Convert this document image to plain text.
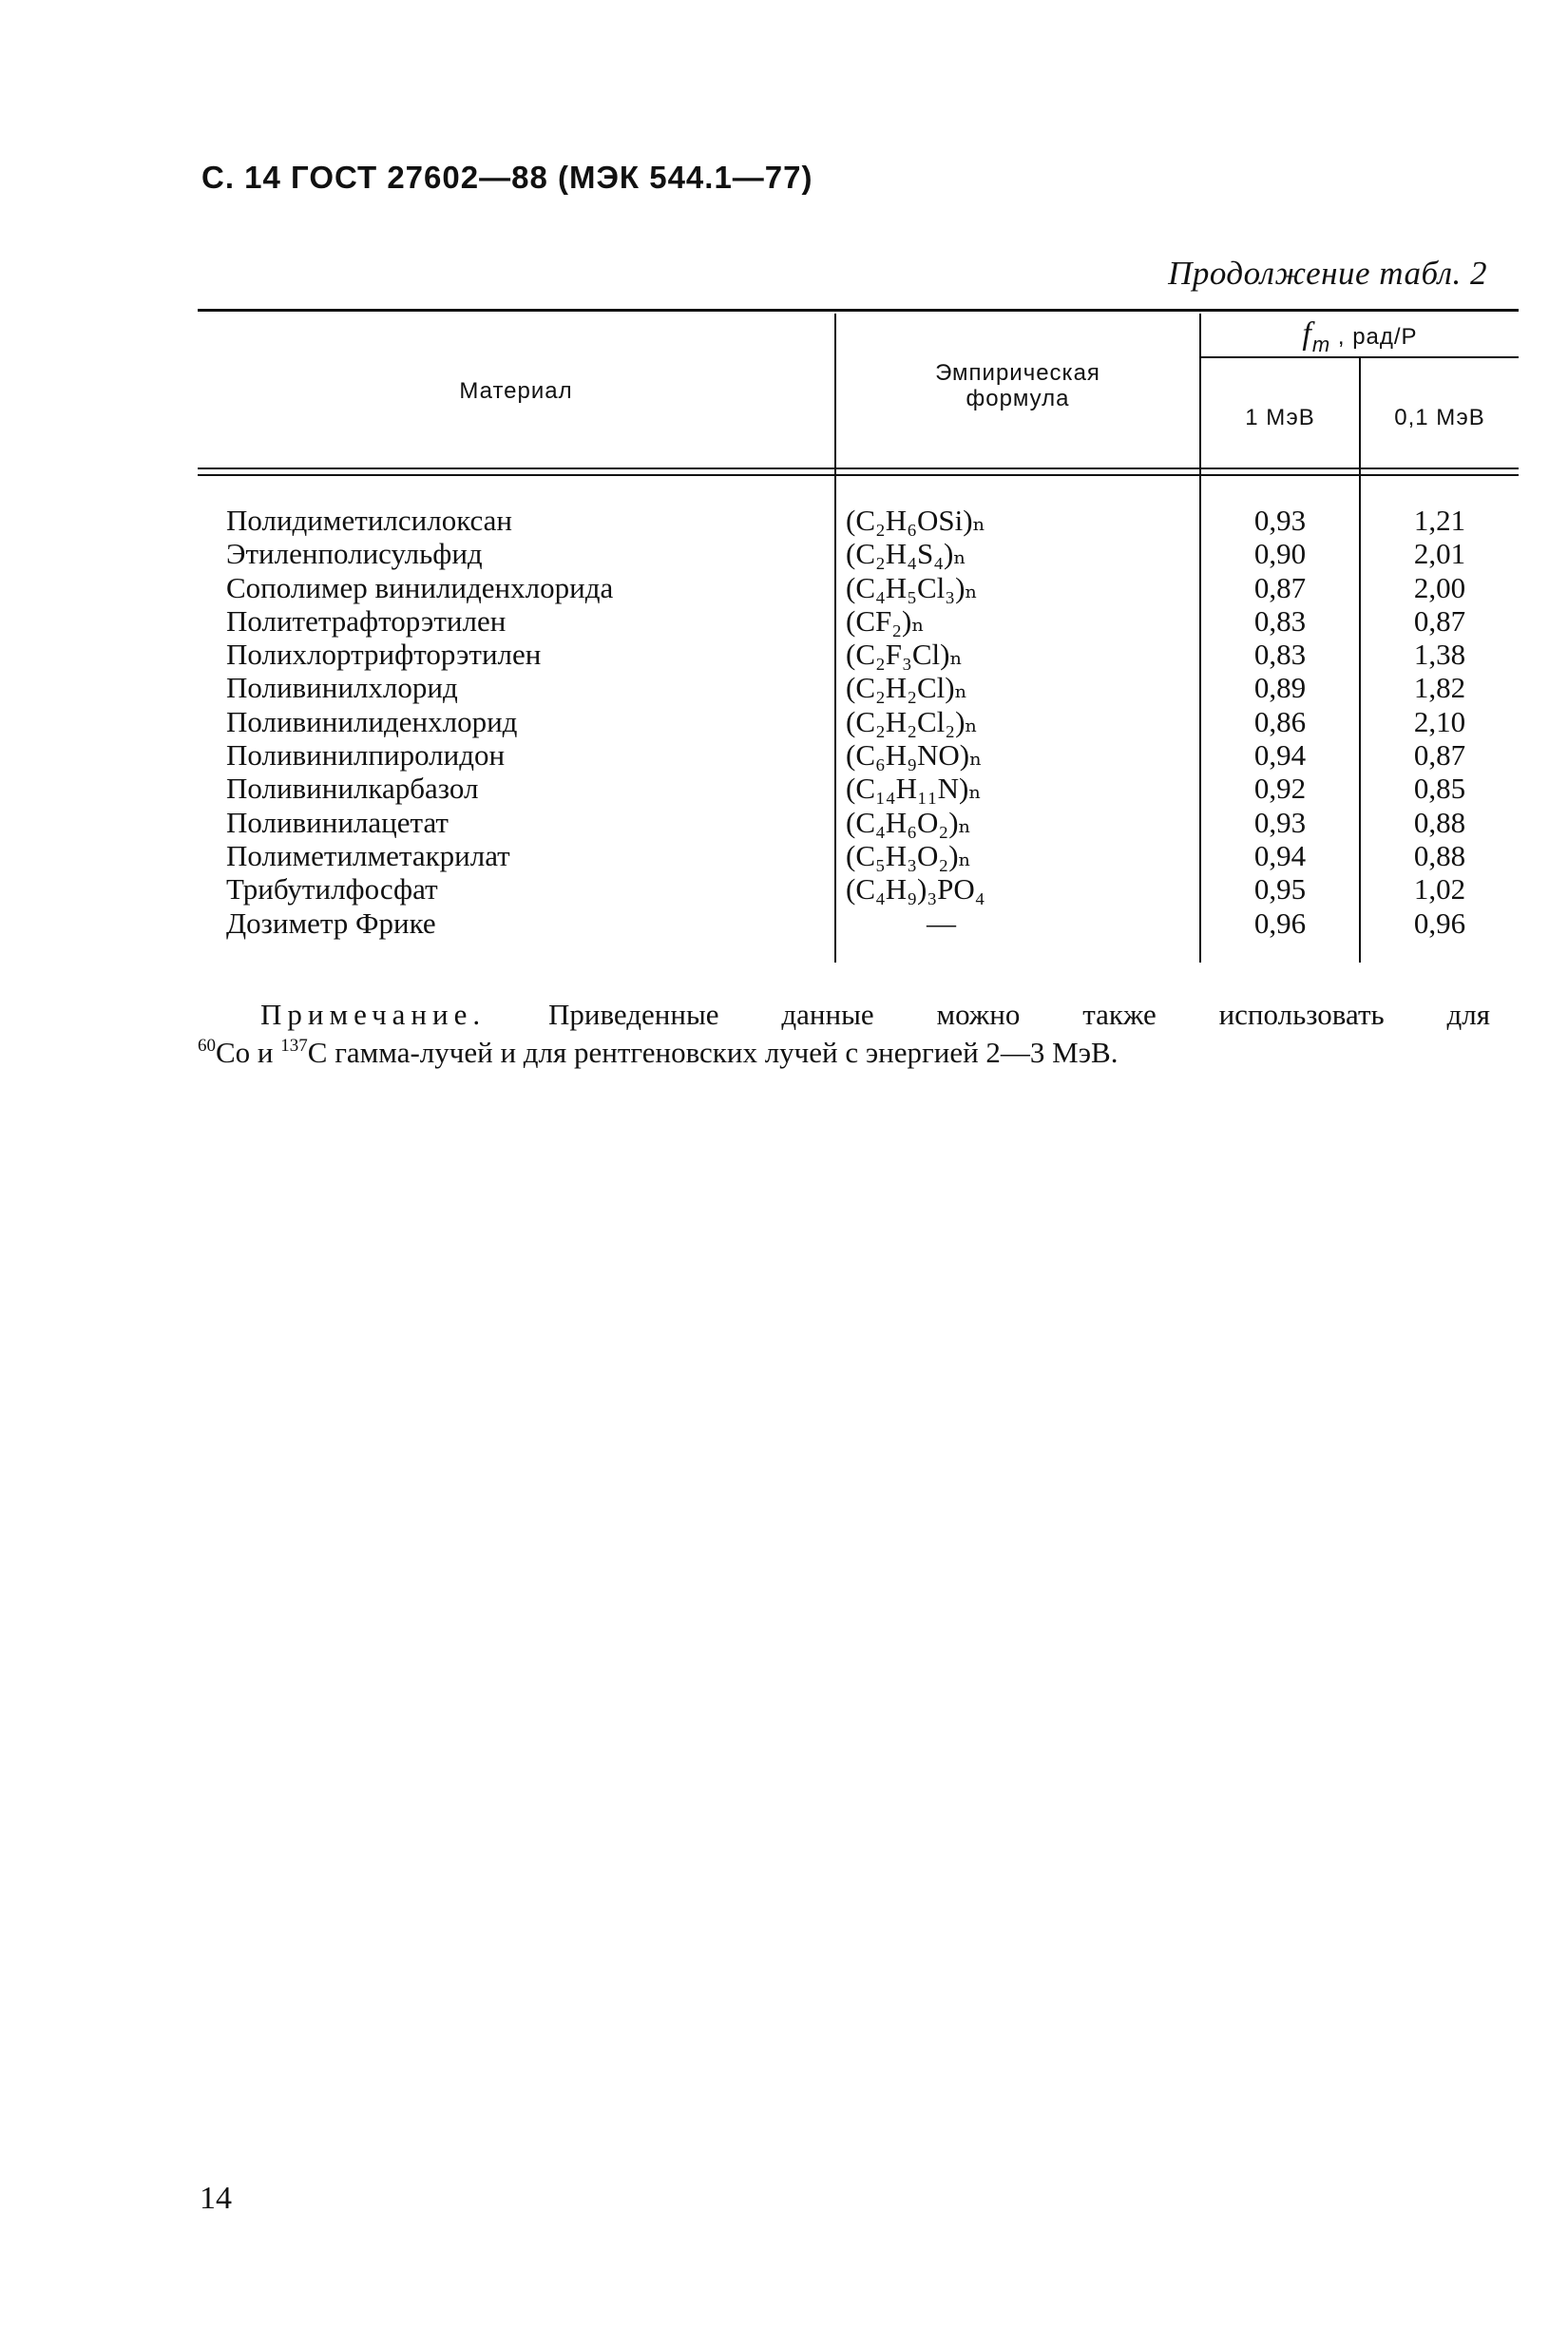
С. 14 ГОСТ 27602—88 (МЭК 544.1—77)
Продолжение табл. 2
Материал
Эмпирическая
формула
fm , рад/Р
1 МэВ	0,1 МэВ
Полидиметилсилоксан	(C₂H₆OSi)ₙ	0,93	1,21
Этиленполисульфид	(C₂H₄S₄)ₙ	0,90	2,01
Сополимер винилиденхлорида	(C₄H₅Cl₃)ₙ	0,87	2,00
Политетрафторэтилен	(CF₂)ₙ	0,83	0,87
Полихлортрифторэтилен	(C₂F₃Cl)ₙ	0,83	1,38
Поливинилхлорид	(C₂H₂Cl)ₙ	0,89	1,82
Поливинилиденхлорид	(C₂H₂Cl₂)ₙ	0,86	2,10
Поливинилпиролидон	(C₆H₉NO)ₙ	0,94	0,87
Поливинилкарбазол	(C₁₄H₁₁N)ₙ	0,92	0,85
Поливинилацетат	(C₄H₆O₂)ₙ	0,93	0,88
Полиметилметакрилат	(C₅H₃O₂)ₙ	0,94	0,88
Трибутилфосфат	(C₄H₉)₃PO₄	0,95	1,02
Дозиметр Фрике	—	0,96	0,96
Примечание. Приведенные данные можно также использовать для
$^{60}$Co и $^{137}$C гамма-лучей и для рентгеновских лучей с энергией 2—3 МэВ.
14
